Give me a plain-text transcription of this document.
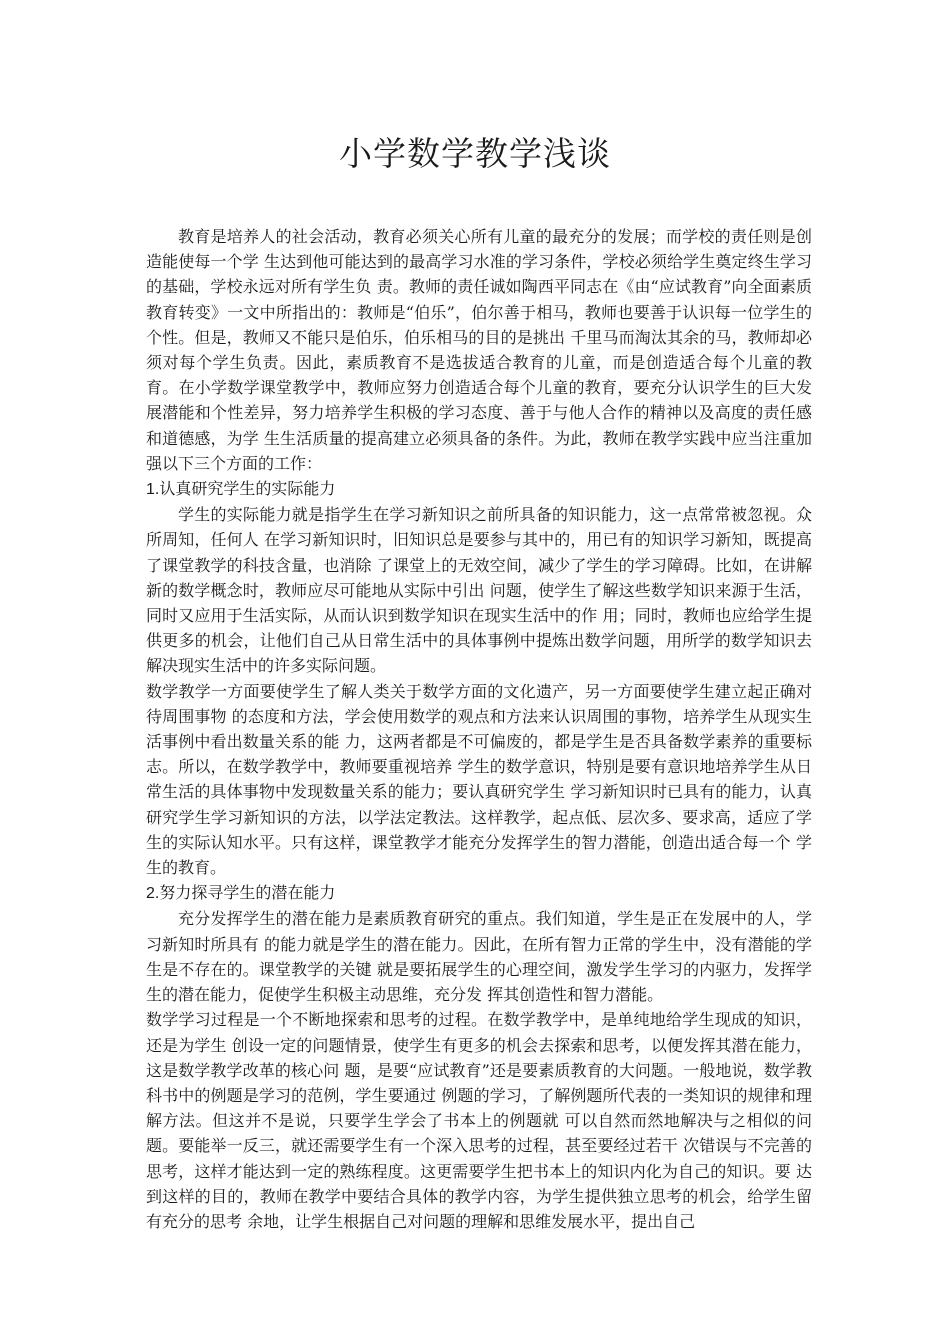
小学数学教学浅谈

教育是培养人的社会活动，教育必须关心所有儿童的最充分的发展；而学校的责任则是创造能使每一个学 生达到他可能达到的最高学习水准的学习条件，学校必须给学生奠定终生学习的基础，学校永远对所有学生负 责。教师的责任诚如陶西平同志在《由“应试教育”向全面素质教育转变》一文中所指出的：教师是“伯乐”，伯尔善于相马，教师也要善于认识每一位学生的个性。但是，教师又不能只是伯乐，伯乐相马的目的是挑出 千里马而淘汰其余的马，教师却必须对每个学生负责。因此，素质教育不是选拔适合教育的儿童，而是创造适合每个儿童的教育。在小学数学课堂教学中，教师应努力创造适合每个儿童的教育，要充分认识学生的巨大发 展潜能和个性差异，努力培养学生积极的学习态度、善于与他人合作的精神以及高度的责任感和道德感，为学 生生活质量的提高建立必须具备的条件。为此，教师在教学实践中应当注重加强以下三个方面的工作：

1.认真研究学生的实际能力

学生的实际能力就是指学生在学习新知识之前所具备的知识能力，这一点常常被忽视。众所周知，任何人 在学习新知识时，旧知识总是要参与其中的，用已有的知识学习新知，既提高了课堂教学的科技含量，也消除 了课堂上的无效空间，减少了学生的学习障碍。比如，在讲解新的数学概念时，教师应尽可能地从实际中引出 问题，使学生了解这些数学知识来源于生活，同时又应用于生活实际，从而认识到数学知识在现实生活中的作 用；同时，教师也应给学生提供更多的机会，让他们自己从日常生活中的具体事例中提炼出数学问题，用所学的数学知识去解决现实生活中的许多实际问题。

数学教学一方面要使学生了解人类关于数学方面的文化遗产，另一方面要使学生建立起正确对待周围事物 的态度和方法，学会使用数学的观点和方法来认识周围的事物，培养学生从现实生活事例中看出数量关系的能 力，这两者都是不可偏废的，都是学生是否具备数学素养的重要标志。所以，在数学教学中，教师要重视培养 学生的数学意识，特别是要有意识地培养学生从日常生活的具体事物中发现数量关系的能力；要认真研究学生 学习新知识时已具有的能力，认真研究学生学习新知识的方法，以学法定教法。这样教学，起点低、层次多、要求高，适应了学生的实际认知水平。只有这样，课堂教学才能充分发挥学生的智力潜能，创造出适合每一个 学生的教育。

2.努力探寻学生的潜在能力

充分发挥学生的潜在能力是素质教育研究的重点。我们知道，学生是正在发展中的人，学习新知时所具有 的能力就是学生的潜在能力。因此，在所有智力正常的学生中，没有潜能的学生是不存在的。课堂教学的关键 就是要拓展学生的心理空间，激发学生学习的内驱力，发挥学生的潜在能力，促使学生积极主动思维，充分发 挥其创造性和智力潜能。

数学学习过程是一个不断地探索和思考的过程。在数学教学中，是单纯地给学生现成的知识，还是为学生 创设一定的问题情景，使学生有更多的机会去探索和思考，以便发挥其潜在能力，这是数学教学改革的核心问 题，是要“应试教育”还是要素质教育的大问题。一般地说，数学教科书中的例题是学习的范例，学生要通过 例题的学习，了解例题所代表的一类知识的规律和理解方法。但这并不是说，只要学生学会了书本上的例题就 可以自然而然地解决与之相似的问题。要能举一反三，就还需要学生有一个深入思考的过程，甚至要经过若干 次错误与不完善的思考，这样才能达到一定的熟练程度。这更需要学生把书本上的知识内化为自己的知识。要 达到这样的目的，教师在教学中要结合具体的教学内容，为学生提供独立思考的机会，给学生留有充分的思考 余地，让学生根据自己对问题的理解和思维发展水平，提出自己
